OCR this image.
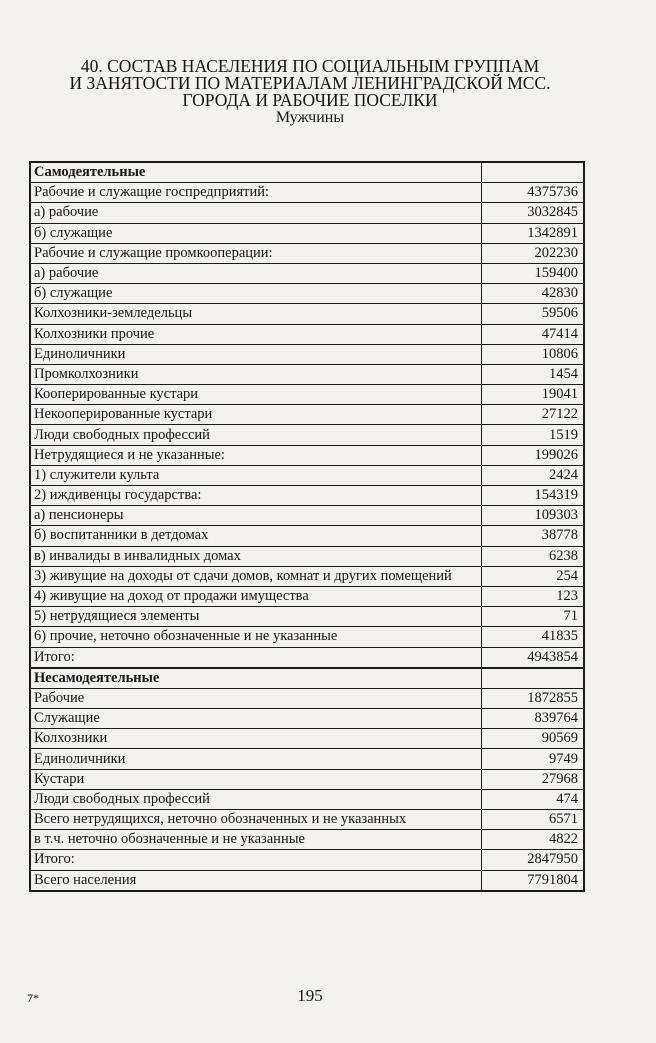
40. СОСТАВ НАСЕЛЕНИЯ ПО СОЦИАЛЬНЫМ ГРУППАМ
И ЗАНЯТОСТИ ПО МАТЕРИАЛАМ ЛЕНИНГРАДСКОЙ МСС.
ГОРОДА И РАБОЧИЕ ПОСЕЛКИ
Мужчины
Самодеятельные	
Рабочие и служащие госпредприятий:	4375736
а) рабочие	3032845
б) служащие	1342891
Рабочие и служащие промкооперации:	202230
а) рабочие	159400
б) служащие	42830
Колхозники-земледельцы	59506
Колхозники прочие	47414
Единоличники	10806
Промколхозники	1454
Кооперированные кустари	19041
Некооперированные кустари	27122
Люди свободных профессий	1519
Нетрудящиеся и не указанные:	199026
1) служители культа	2424
2) иждивенцы государства:	154319
а) пенсионеры	109303
б) воспитанники в детдомах	38778
в) инвалиды в инвалидных домах	6238
3) живущие на доходы от сдачи домов, комнат и других помещений	254
4) живущие на доход от продажи имущества	123
5) нетрудящиеся элементы	71
6) прочие, неточно обозначенные и не указанные	41835
Итого:	4943854
Несамодеятельные	
Рабочие	1872855
Служащие	839764
Колхозники	90569
Единоличники	9749
Кустари	27968
Люди свободных профессий	474
Всего нетрудящихся, неточно обозначенных и не указанных	6571
в т.ч. неточно обозначенные и не указанные	4822
Итого:	2847950
Всего населения	7791804
7*	195
